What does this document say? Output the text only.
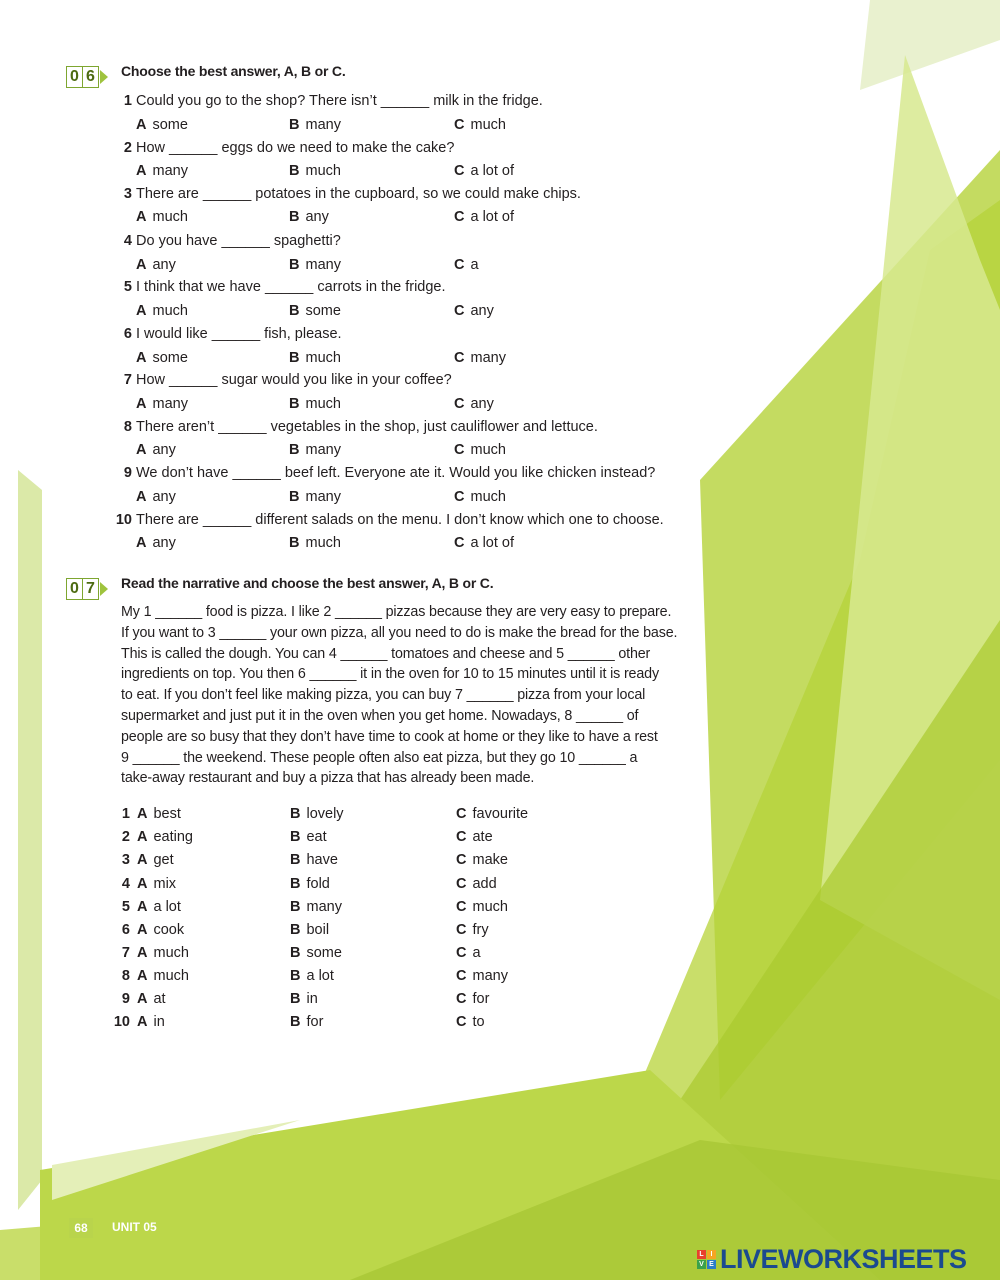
0 6 Choose the best answer, A, B or C.
1 Could you go to the shop? There isn’t ______ milk in the fridge.
A some	B many	C much
2 How ______ eggs do we need to make the cake?
A many	B much	C a lot of
3 There are ______ potatoes in the cupboard, so we could make chips.
A much	B any	C a lot of
4 Do you have ______ spaghetti?
A any	B many	C a
5 I think that we have ______ carrots in the fridge.
A much	B some	C any
6 I would like ______ fish, please.
A some	B much	C many
7 How ______ sugar would you like in your coffee?
A many	B much	C any
8 There aren’t ______ vegetables in the shop, just cauliflower and lettuce.
A any	B many	C much
9 We don’t have ______ beef left. Everyone ate it. Would you like chicken instead?
A any	B many	C much
10 There are ______ different salads on the menu. I don’t know which one to choose.
A any	B much	C a lot of
0 7 Read the narrative and choose the best answer, A, B or C.

My 1 ______ food is pizza. I like 2 ______ pizzas because they are very easy to prepare.

If you want to 3 ______ your own pizza, all you need to do is make the bread for the base.

This is called the dough. You can 4 ______ tomatoes and cheese and 5 ______ other

ingredients on top. You then 6 ______ it in the oven for 10 to 15 minutes until it is ready

to eat. If you don’t feel like making pizza, you can buy 7 ______ pizza from your local

supermarket and just put it in the oven when you get home. Nowadays, 8 ______ of

people are so busy that they don’t have time to cook at home or they like to have a rest

9 ______ the weekend. These people often also eat pizza, but they go 10 ______ a

take-away restaurant and buy a pizza that has already been made.

1 A best	B lovely	C favourite
2 A eating	B eat	C ate
3 A get	B have	C make
4 A mix	B fold	C add
5 A a lot	B many	C much
6 A cook	B boil	C fry
7 A much	B some	C a
8 A much	B a lot	C many
9 A at	B in	C for
10 A in	B for	C to
68	UNIT 05
L I
V E LIVEWORKSHEETS
